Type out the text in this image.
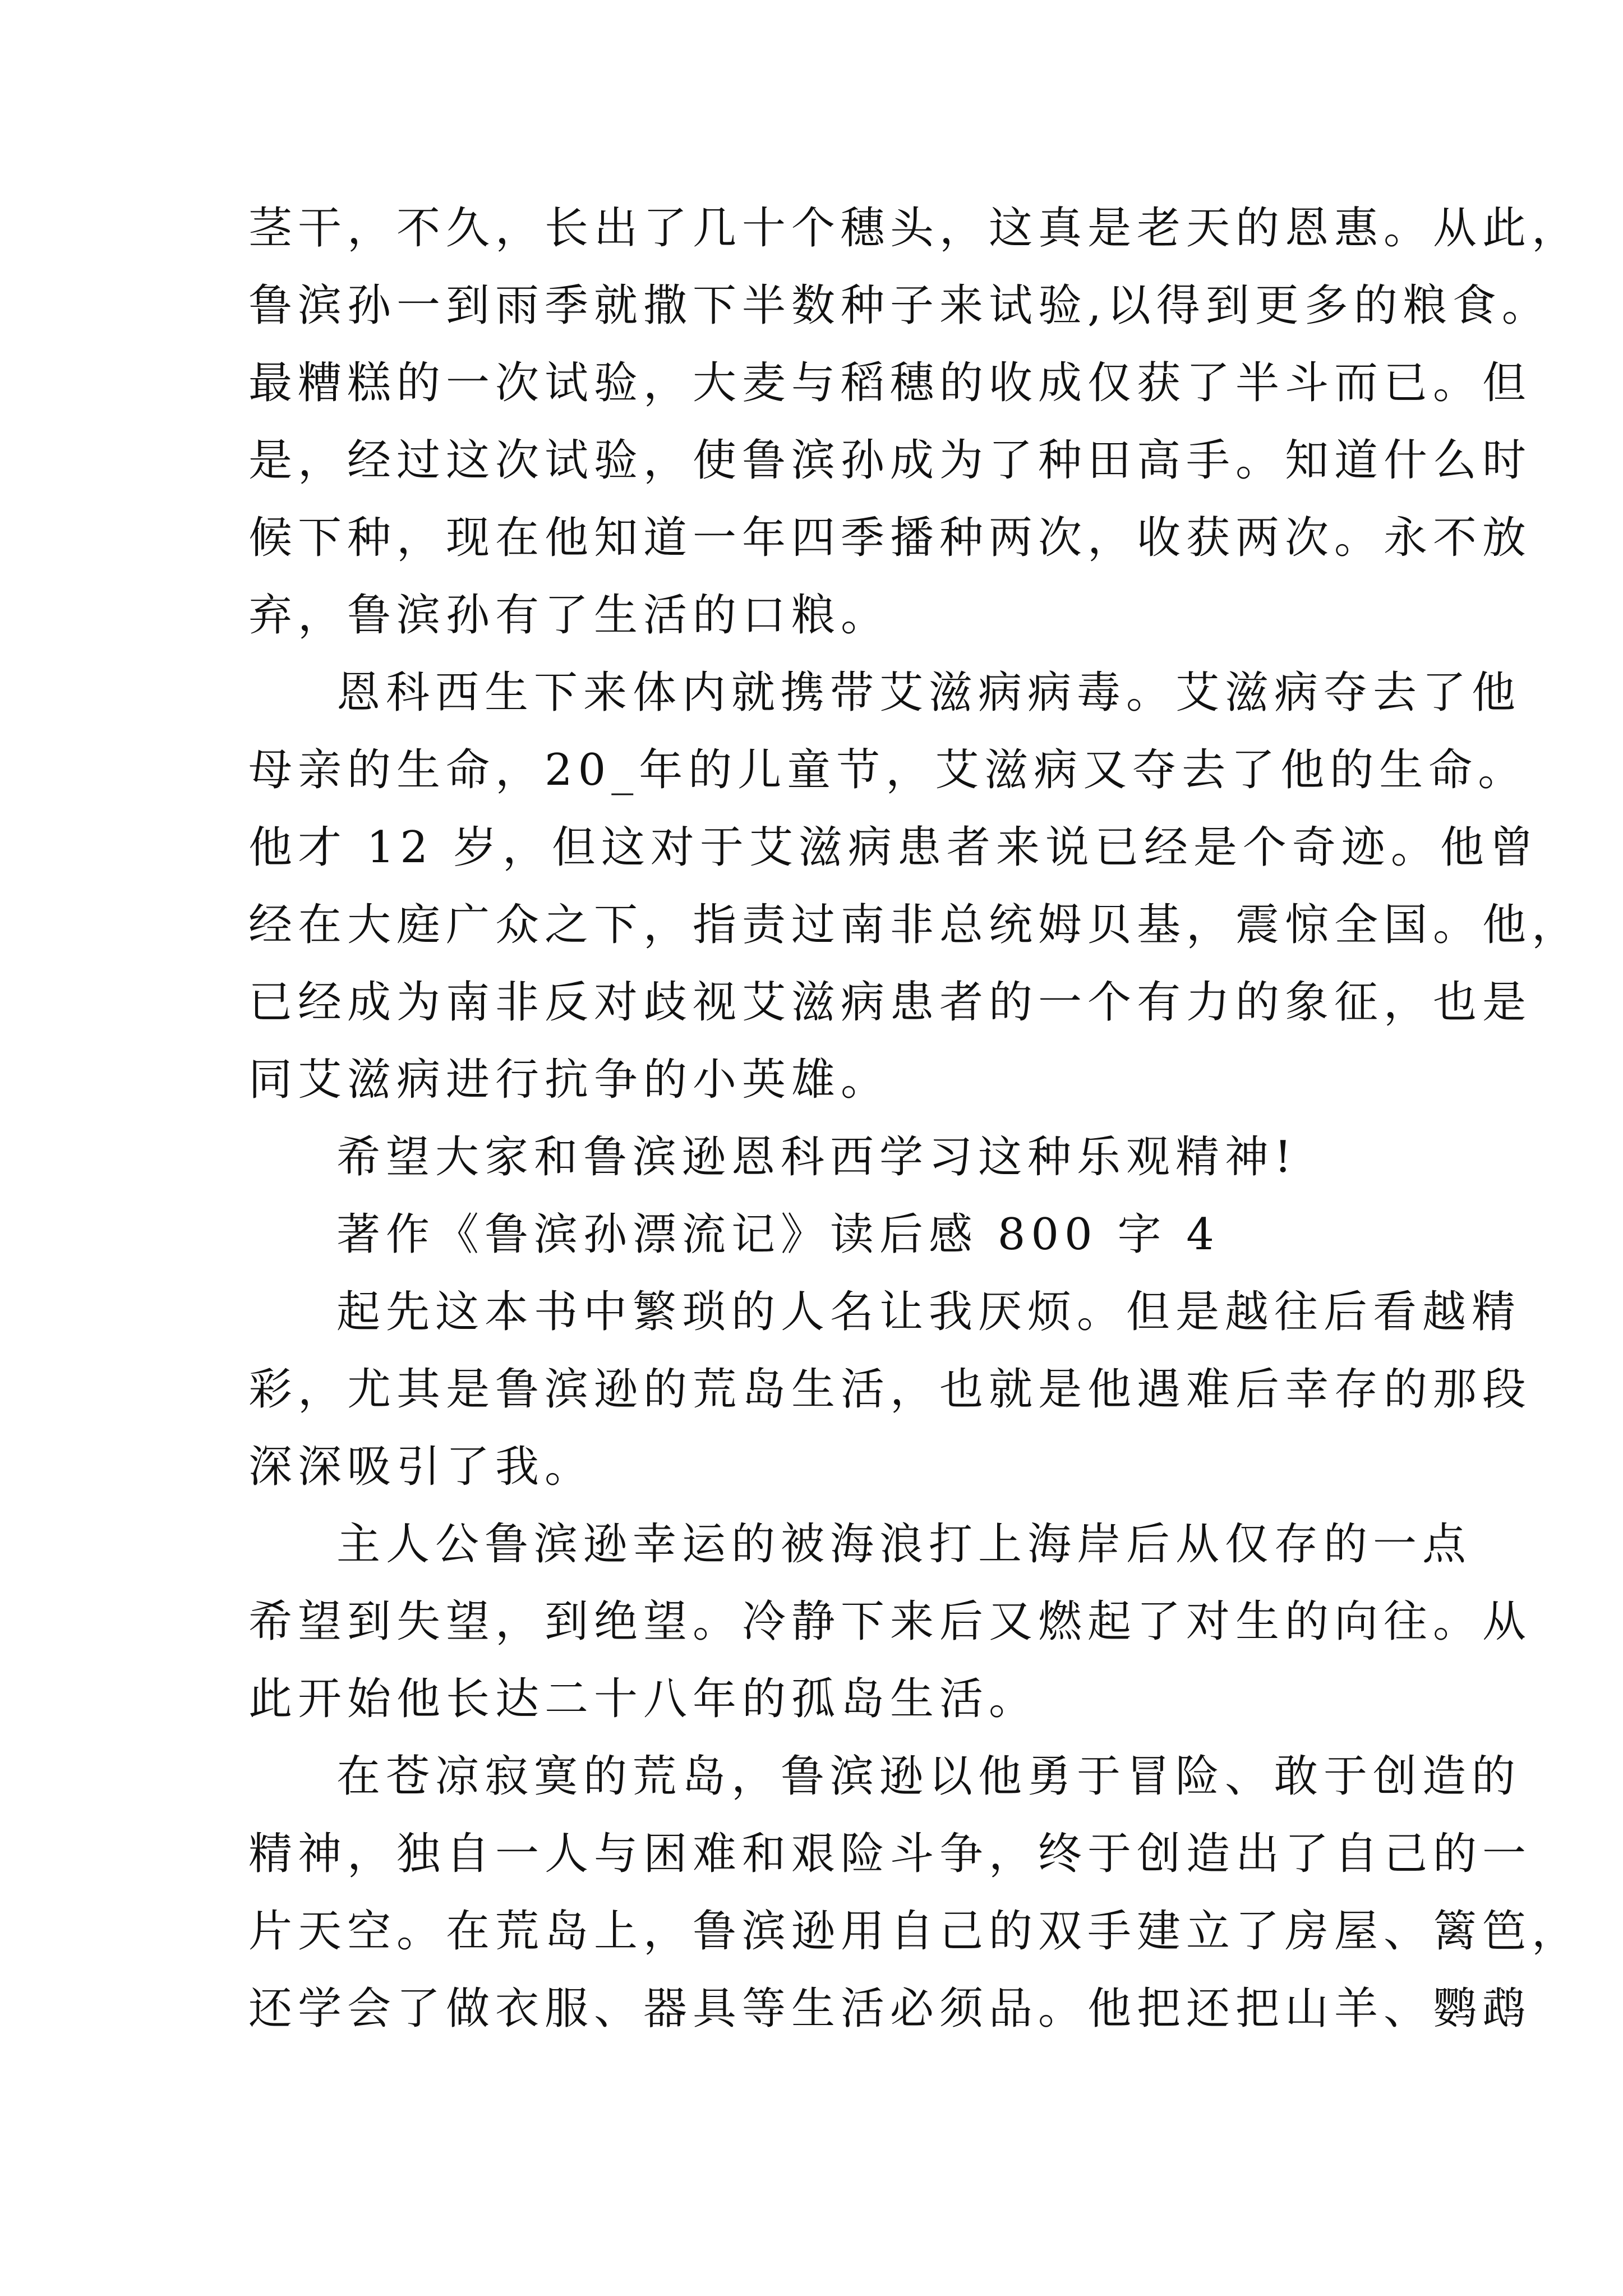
茎干，不久，长出了几十个穗头，这真是老天的恩惠。从此，
鲁滨孙一到雨季就撒下半数种子来试验,以得到更多的粮食。
最糟糕的一次试验，大麦与稻穗的收成仅获了半斗而已。但
是，经过这次试验，使鲁滨孙成为了种田高手。知道什么时
候下种，现在他知道一年四季播种两次，收获两次。永不放
弃，鲁滨孙有了生活的口粮。
恩科西生下来体内就携带艾滋病病毒。艾滋病夺去了他
母亲的生命，20_年的儿童节，艾滋病又夺去了他的生命。
他才 12 岁，但这对于艾滋病患者来说已经是个奇迹。他曾
经在大庭广众之下，指责过南非总统姆贝基，震惊全国。他，
已经成为南非反对歧视艾滋病患者的一个有力的象征，也是
同艾滋病进行抗争的小英雄。
希望大家和鲁滨逊恩科西学习这种乐观精神!
著作《鲁滨孙漂流记》读后感 800 字 4
起先这本书中繁琐的人名让我厌烦。但是越往后看越精
彩，尤其是鲁滨逊的荒岛生活，也就是他遇难后幸存的那段
深深吸引了我。
主人公鲁滨逊幸运的被海浪打上海岸后从仅存的一点
希望到失望，到绝望。冷静下来后又燃起了对生的向往。从
此开始他长达二十八年的孤岛生活。
在苍凉寂寞的荒岛，鲁滨逊以他勇于冒险、敢于创造的
精神，独自一人与困难和艰险斗争，终于创造出了自己的一
片天空。在荒岛上，鲁滨逊用自己的双手建立了房屋、篱笆，
还学会了做衣服、器具等生活必须品。他把还把山羊、鹦鹉
